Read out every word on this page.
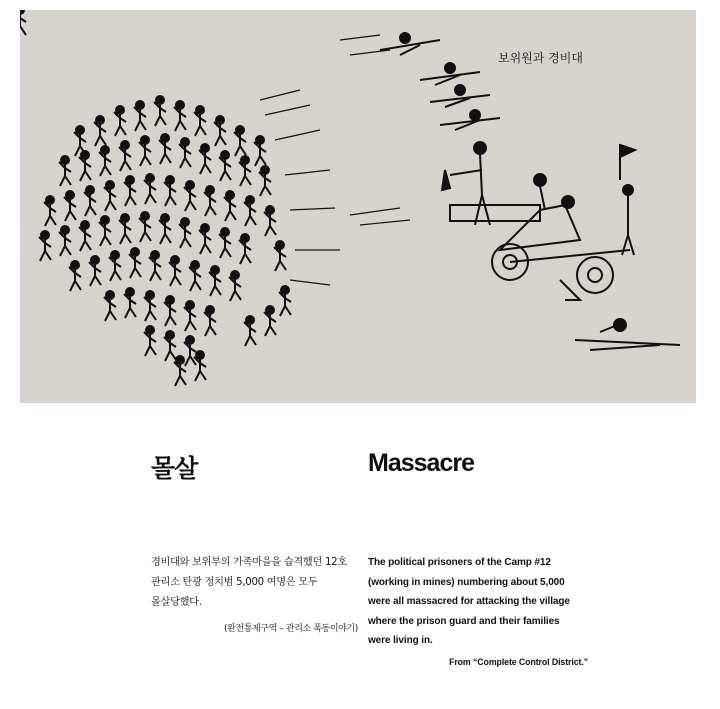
보위원과 경비대
몰살	Massacre
경비대와 보위부의 가족마을을 습격했던 12호
관리소 탄광 정치범 5,000 여명은 모두
몰살당했다.
(완전통제구역 – 관리소 폭동이야기)
The political prisoners of the Camp #12
(working in mines) numbering about 5,000
were all massacred for attacking the village
where the prison guard and their families
were living in.
From “Complete Control District.”
